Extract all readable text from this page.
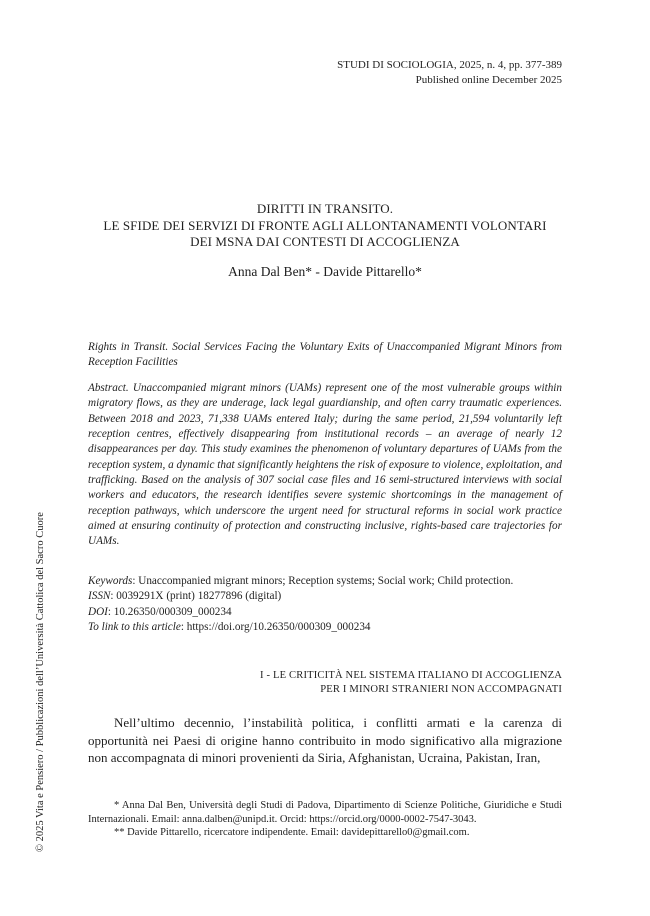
STUDI DI SOCIOLOGIA, 2025, n. 4, pp. 377-389
Published online December 2025
DIRITTI IN TRANSITO.
LE SFIDE DEI SERVIZI DI FRONTE AGLI ALLONTANAMENTI VOLONTARI
DEI MSNA DAI CONTESTI DI ACCOGLIENZA
Anna Dal Ben* - Davide Pittarello*
Rights in Transit. Social Services Facing the Voluntary Exits of Unaccompanied Migrant Minors from Reception Facilities
Abstract. Unaccompanied migrant minors (UAMs) represent one of the most vulnerable groups within migratory flows, as they are underage, lack legal guardianship, and often carry traumatic experiences. Between 2018 and 2023, 71,338 UAMs entered Italy; during the same period, 21,594 voluntarily left reception centres, effectively disappearing from institutional records – an average of nearly 12 disappearances per day. This study examines the phenomenon of voluntary departures of UAMs from the reception system, a dynamic that significantly heightens the risk of exposure to violence, exploitation, and trafficking. Based on the analysis of 307 social case files and 16 semi-structured interviews with social workers and educators, the research identifies severe systemic shortcomings in the management of reception pathways, which underscore the urgent need for structural reforms in social work practice aimed at ensuring continuity of protection and constructing inclusive, rights-based care trajectories for UAMs.
Keywords: Unaccompanied migrant minors; Reception systems; Social work; Child protection.
ISSN: 0039291X (print) 18277896 (digital)
DOI: 10.26350/000309_000234
To link to this article: https://doi.org/10.26350/000309_000234
I - LE CRITICITÀ NEL SISTEMA ITALIANO DI ACCOGLIENZA
PER I MINORI STRANIERI NON ACCOMPAGNATI
Nell’ultimo decennio, l’instabilità politica, i conflitti armati e la carenza di opportunità nei Paesi di origine hanno contribuito in modo significativo alla migrazione non accompagnata di minori provenienti da Siria, Afghanistan, Ucraina, Pakistan, Iran,
* Anna Dal Ben, Università degli Studi di Padova, Dipartimento di Scienze Politiche, Giuridiche e Studi Internazionali. Email: anna.dalben@unipd.it. Orcid: https://orcid.org/0000-0002-7547-3043.
** Davide Pittarello, ricercatore indipendente. Email: davidepittarello0@gmail.com.
© 2025 Vita e Pensiero / Pubblicazioni dell’Università Cattolica del Sacro Cuore
